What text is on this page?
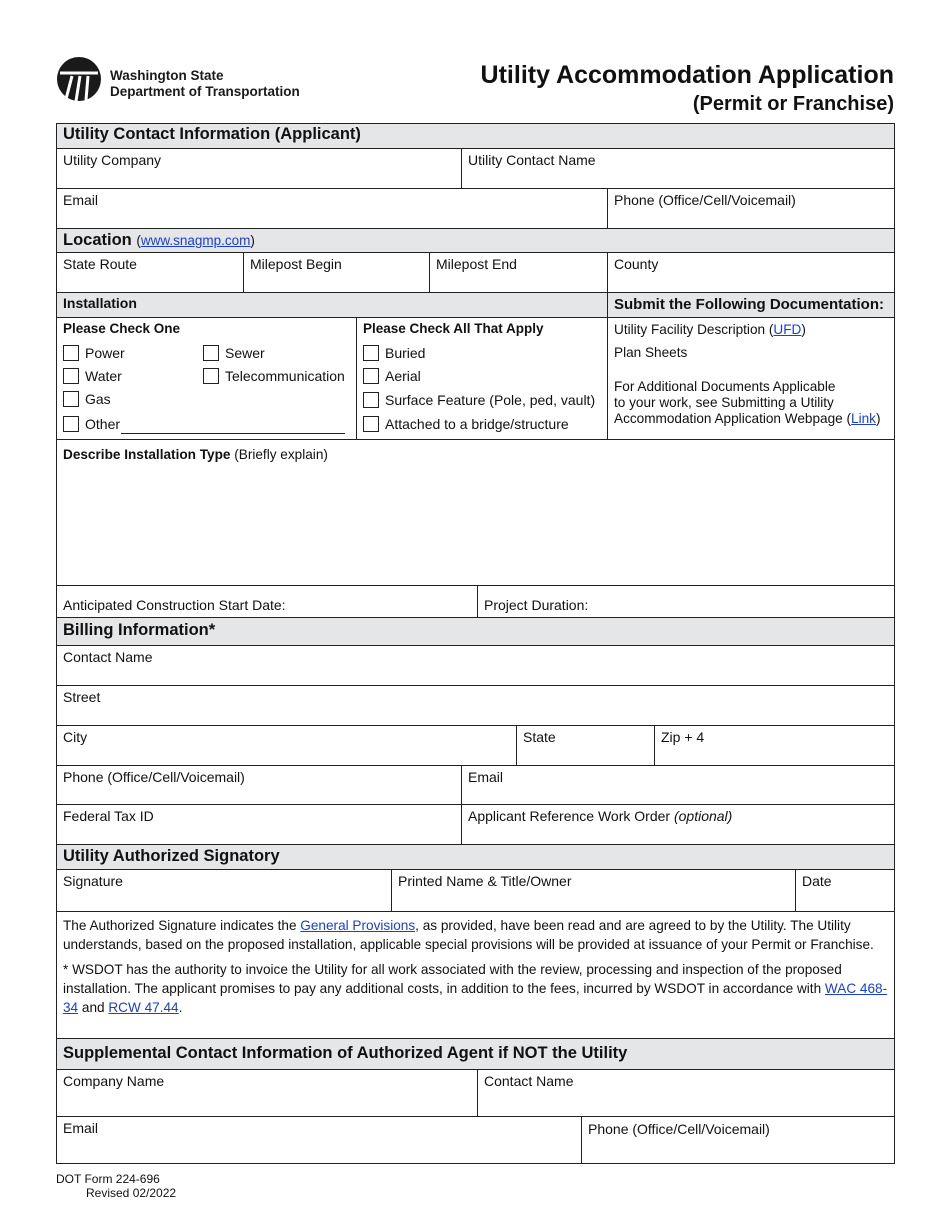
Washington State
Department of Transportation
Utility Accommodation Application
(Permit or Franchise)
Utility Contact Information (Applicant)
Utility Company	Utility Contact Name
Email	Phone (Office/Cell/Voicemail)
Location (www.snagmp.com)
State Route	Milepost Begin	Milepost End	County
Installation	Submit the Following Documentation:
Please Check One
Power	Sewer
Water	Telecommunication
Gas
Other
Please Check All That Apply
Buried
Aerial
Surface Feature (Pole, ped, vault)
Attached to a bridge/structure
Utility Facility Description (UFD)
Plan Sheets
For Additional Documents Applicable
to your work, see Submitting a Utility
Accommodation Application Webpage (Link)
Describe Installation Type (Briefly explain)
Anticipated Construction Start Date:	Project Duration:
Billing Information*
Contact Name
Street
City	State	Zip + 4
Phone (Office/Cell/Voicemail)	Email
Federal Tax ID	Applicant Reference Work Order (optional)
Utility Authorized Signatory
Signature	Printed Name & Title/Owner	Date
The Authorized Signature indicates the General Provisions, as provided, have been read and are agreed to by the Utility. The Utility understands, based on the proposed installation, applicable special provisions will be provided at issuance of your Permit or Franchise.
* WSDOT has the authority to invoice the Utility for all work associated with the review, processing and inspection of the proposed installation. The applicant promises to pay any additional costs, in addition to the fees, incurred by WSDOT in accordance with WAC 468-34 and RCW 47.44.
Supplemental Contact Information of Authorized Agent if NOT the Utility
Company Name	Contact Name
Email	Phone (Office/Cell/Voicemail)
DOT Form 224-696
Revised 02/2022
